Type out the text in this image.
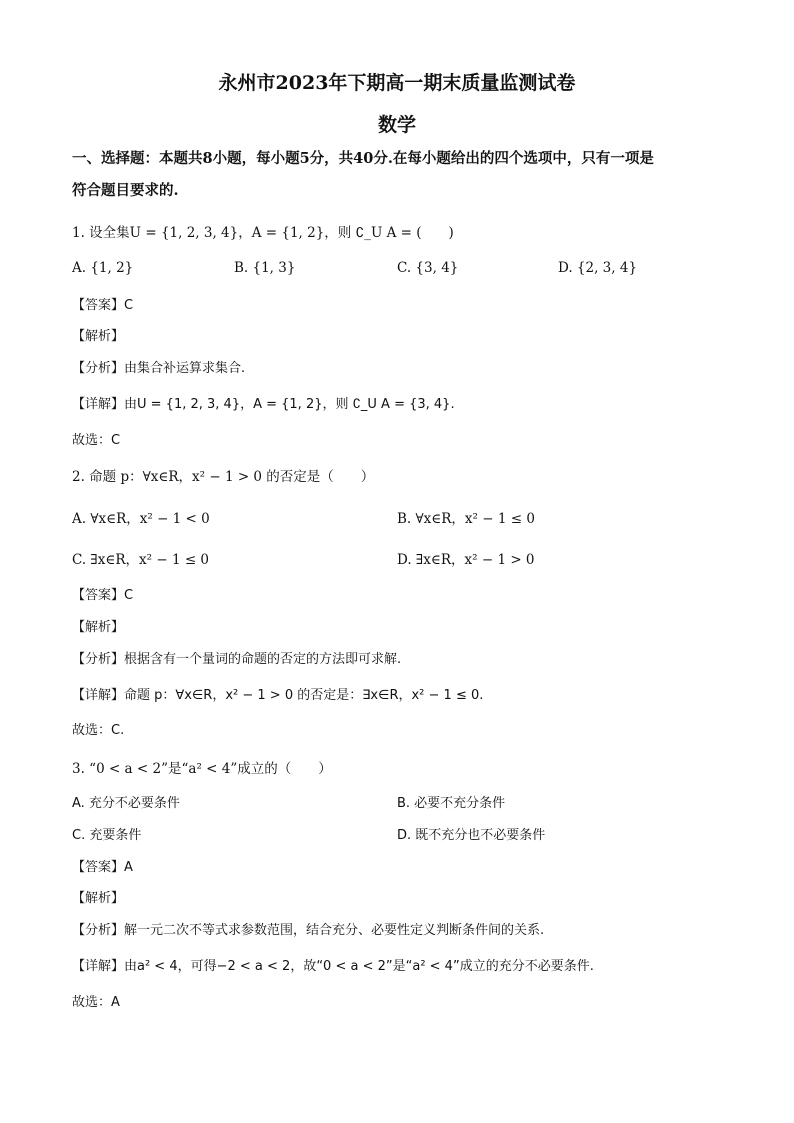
永州市2023年下期高一期末质量监测试卷
数学
一、选择题：本题共8小题，每小题5分，共40分.在每小题给出的四个选项中，只有一项是
符合题目要求的.
1. 设全集U = {1, 2, 3, 4}，A = {1, 2}，则 ∁_U A = (　　)
A. {1, 2}	B. {1, 3}	C. {3, 4}	D. {2, 3, 4}
【答案】C
【解析】
【分析】由集合补运算求集合.
【详解】由U = {1, 2, 3, 4}，A = {1, 2}，则 ∁_U A = {3, 4}.
故选：C
2. 命题 p：∀x∈R，x² − 1 > 0 的否定是（　　）
A. ∀x∈R，x² − 1 < 0	B. ∀x∈R，x² − 1 ≤ 0
C. ∃x∈R，x² − 1 ≤ 0	D. ∃x∈R，x² − 1 > 0
【答案】C
【解析】
【分析】根据含有一个量词的命题的否定的方法即可求解.
【详解】命题 p：∀x∈R，x² − 1 > 0 的否定是：∃x∈R，x² − 1 ≤ 0.
故选：C.
3. “0 < a < 2”是“a² < 4”成立的（　　）
A. 充分不必要条件	B. 必要不充分条件
C. 充要条件	D. 既不充分也不必要条件
【答案】A
【解析】
【分析】解一元二次不等式求参数范围，结合充分、必要性定义判断条件间的关系.
【详解】由a² < 4，可得−2 < a < 2，故“0 < a < 2”是“a² < 4”成立的充分不必要条件.
故选：A
